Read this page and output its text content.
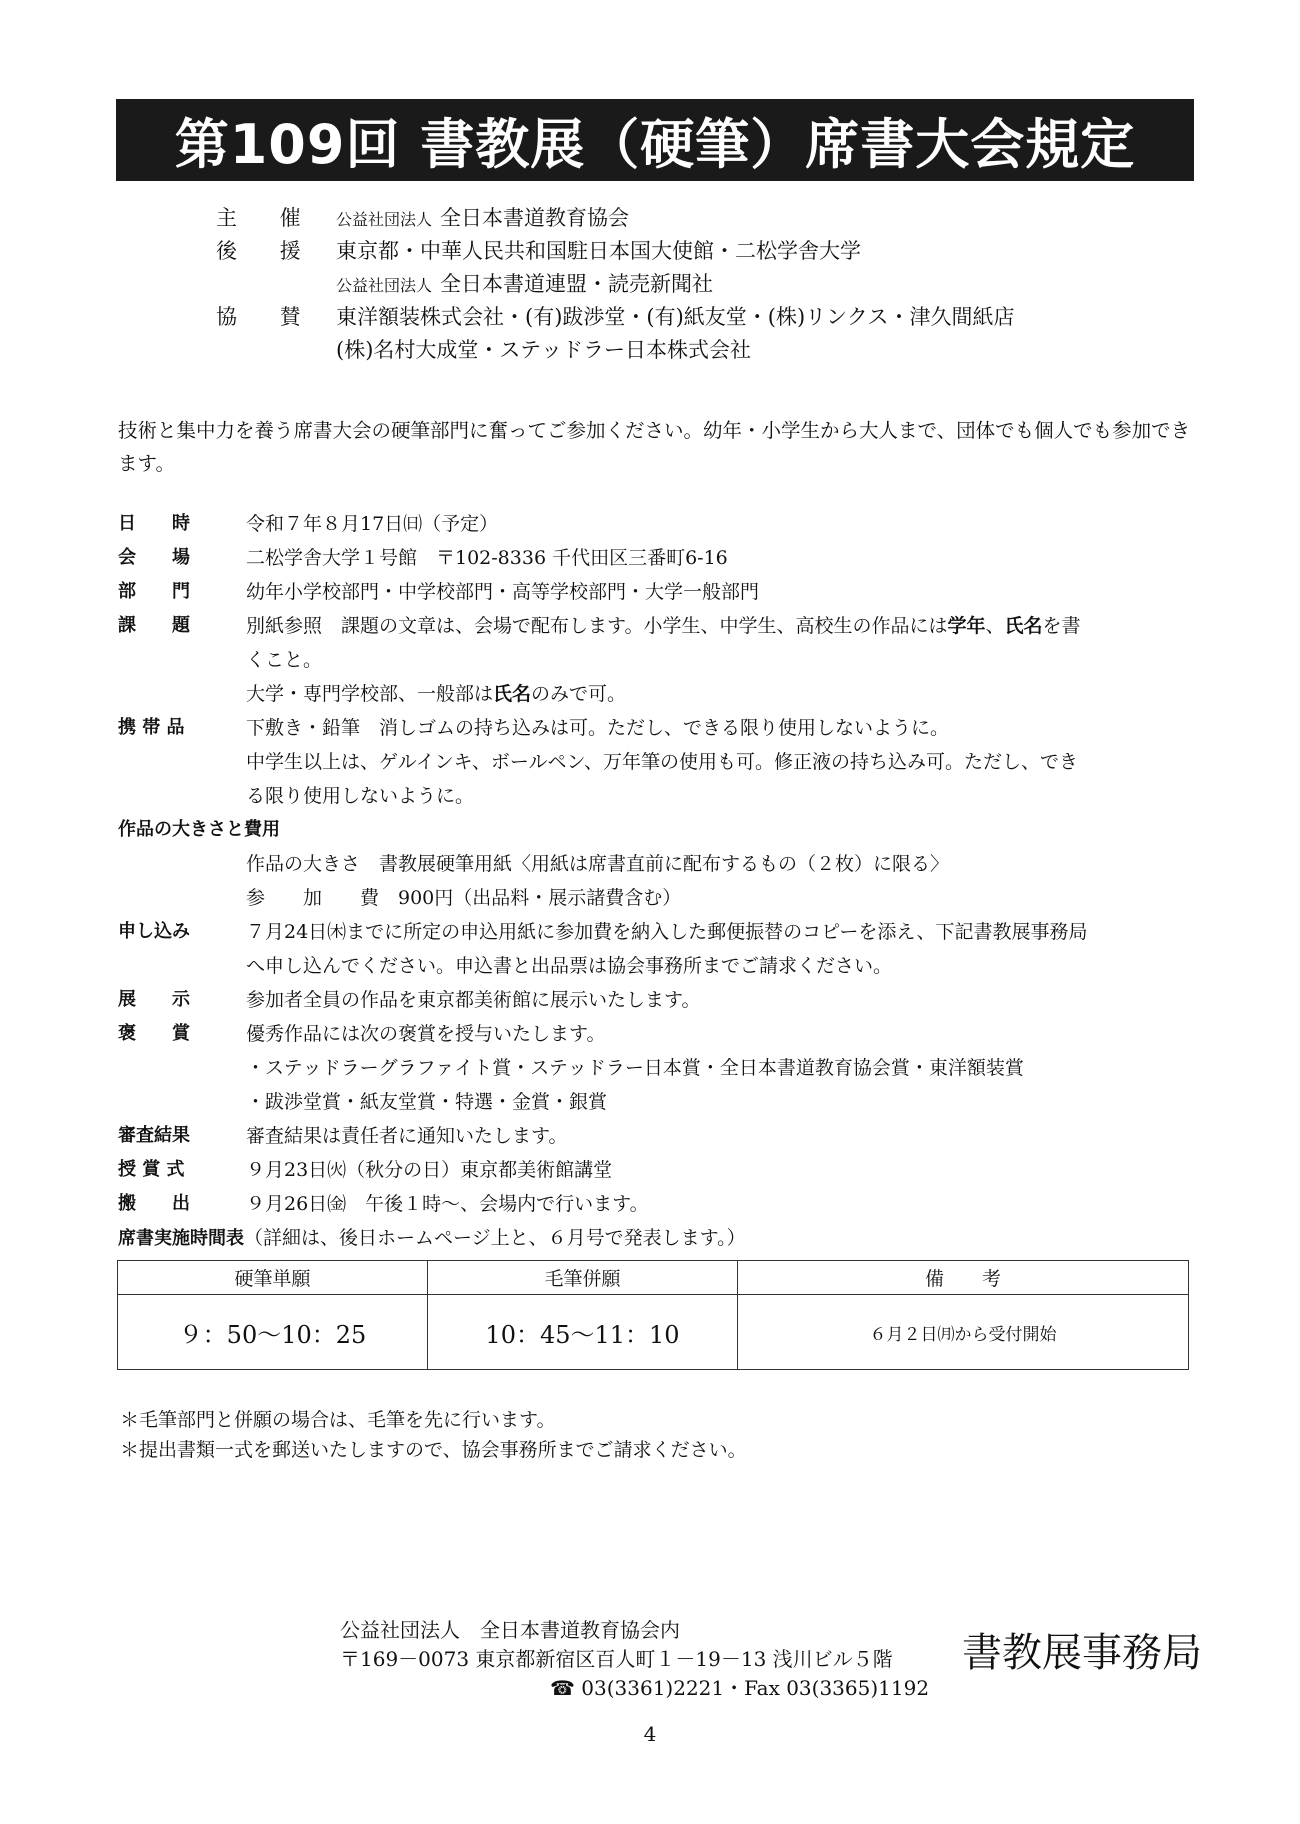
第109回 書教展（硬筆）席書大会規定
主 催	公益社団法人 全日本書道教育協会
後 援 東京都・中華人民共和国駐日本国大使館・二松学舎大学
公益社団法人 全日本書道連盟・読売新聞社
協 賛 東洋額装株式会社・(有)跋渉堂・(有)紙友堂・(株)リンクス・津久間紙店
(株)名村大成堂・ステッドラー日本株式会社

技術と集中力を養う席書大会の硬筆部門に奮ってご参加ください。幼年・小学生から大人まで、団体でも個人でも参加できます。

日　　時	令和７年８月17日㈰（予定）
会　　場	二松学舎大学１号館　〒102-8336 千代田区三番町6-16
部　　門	幼年小学校部門・中学校部門・高等学校部門・大学一般部門
課　　題	別紙参照　課題の文章は、会場で配布します。小学生、中学生、高校生の作品には学年、氏名を書
くこと。
大学・専門学校部、一般部は氏名のみで可。
携 帯 品	下敷き・鉛筆　消しゴムの持ち込みは可。ただし、できる限り使用しないように。
中学生以上は、ゲルインキ、ボールペン、万年筆の使用も可。修正液の持ち込み可。ただし、でき
る限り使用しないように。
作品の大きさと費用
作品の大きさ　書教展硬筆用紙〈用紙は席書直前に配布するもの（２枚）に限る〉
参　　加　　費　900円（出品料・展示諸費含む）
申し込み	７月24日㈭までに所定の申込用紙に参加費を納入した郵便振替のコピーを添え、下記書教展事務局
へ申し込んでください。申込書と出品票は協会事務所までご請求ください。
展　　示	参加者全員の作品を東京都美術館に展示いたします。
褒　　賞	優秀作品には次の褒賞を授与いたします。
・ステッドラーグラファイト賞・ステッドラー日本賞・全日本書道教育協会賞・東洋額装賞
・跋渉堂賞・紙友堂賞・特選・金賞・銀賞
審査結果	審査結果は責任者に通知いたします。
授 賞 式	９月23日㈫（秋分の日）東京都美術館講堂
搬　　出	９月26日㈮　午後１時〜、会場内で行います。
席書実施時間表（詳細は、後日ホームページ上と、６月号で発表します。）
硬筆単願	毛筆併願	備　　考
９：50〜10：25	10：45〜11：10	６月２日㈪から受付開始
＊毛筆部門と併願の場合は、毛筆を先に行います。
＊提出書類一式を郵送いたしますので、協会事務所までご請求ください。
公益社団法人　全日本書道教育協会内
〒169－0073 東京都新宿区百人町１－19－13 浅川ビル５階
☎ 03(3361)2221・Fax 03(3365)1192
書教展事務局
4
